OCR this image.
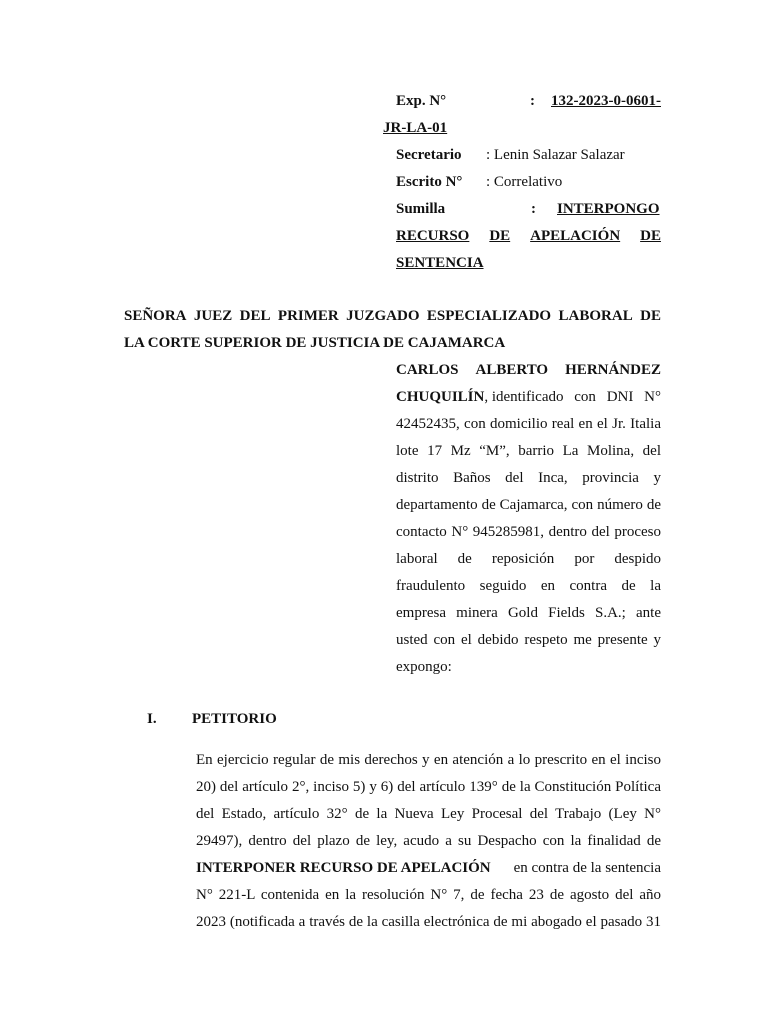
Exp. N°	: 132-2023-0-0601-
JR-LA-01
Secretario : Lenin Salazar Salazar
Escrito N° : Correlativo
Sumilla	: INTERPONGO
RECURSO DE APELACIÓN DE
SENTENCIA
SEÑORA JUEZ DEL PRIMER JUZGADO ESPECIALIZADO LABORAL DE
LA CORTE SUPERIOR DE JUSTICIA DE CAJAMARCA
CARLOS ALBERTO HERNÁNDEZ
CHUQUILÍN, identificado con DNI N°
42452435, con domicilio real en el Jr. Italia
lote 17 Mz “M”, barrio La Molina, del
distrito Baños del Inca, provincia y
departamento de Cajamarca, con número de
contacto N° 945285981, dentro del proceso
laboral de reposición por despido
fraudulento seguido en contra de la
empresa minera Gold Fields S.A.; ante
usted con el debido respeto me presente y
expongo:
I. PETITORIO
En ejercicio regular de mis derechos y en atención a lo prescrito en el inciso
20) del artículo 2°, inciso 5) y 6) del artículo 139° de la Constitución Política
del Estado, artículo 32° de la Nueva Ley Procesal del Trabajo (Ley N°
29497), dentro del plazo de ley, acudo a su Despacho con la finalidad de
INTERPONER RECURSO DE APELACIÓN en contra de la sentencia
N° 221-L contenida en la resolución N° 7, de fecha 23 de agosto del año
2023 (notificada a través de la casilla electrónica de mi abogado el pasado 31
